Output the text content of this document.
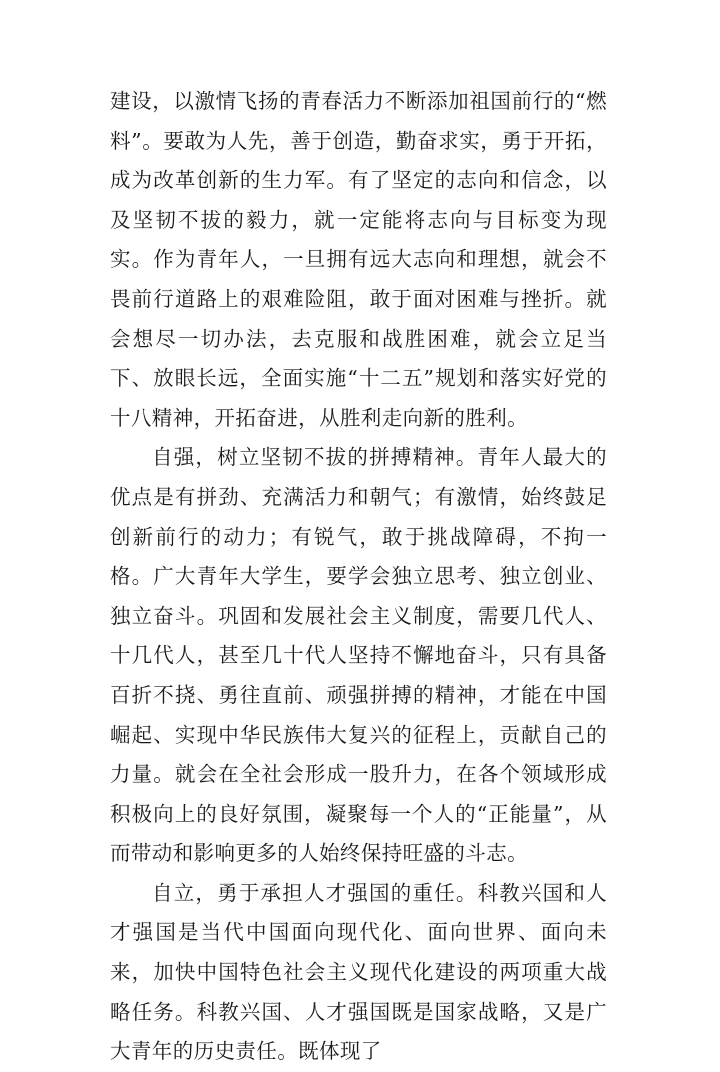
建设，以激情飞扬的青春活力不断添加祖国前行的“燃料”。要敢为人先，善于创造，勤奋求实，勇于开拓，成为改革创新的生力军。有了坚定的志向和信念，以及坚韧不拔的毅力，就一定能将志向与目标变为现实。作为青年人，一旦拥有远大志向和理想，就会不畏前行道路上的艰难险阻，敢于面对困难与挫折。就会想尽一切办法，去克服和战胜困难，就会立足当下、放眼长远，全面实施“十二五”规划和落实好党的十八精神，开拓奋进，从胜利走向新的胜利。

自强，树立坚韧不拔的拼搏精神。青年人最大的优点是有拼劲、充满活力和朝气；有激情，始终鼓足创新前行的动力；有锐气，敢于挑战障碍，不拘一格。广大青年大学生，要学会独立思考、独立创业、独立奋斗。巩固和发展社会主义制度，需要几代人、十几代人，甚至几十代人坚持不懈地奋斗，只有具备百折不挠、勇往直前、顽强拼搏的精神，才能在中国崛起、实现中华民族伟大复兴的征程上，贡献自己的力量。就会在全社会形成一股升力，在各个领域形成积极向上的良好氛围，凝聚每一个人的“正能量”，从而带动和影响更多的人始终保持旺盛的斗志。

自立，勇于承担人才强国的重任。科教兴国和人才强国是当代中国面向现代化、面向世界、面向未来，加快中国特色社会主义现代化建设的两项重大战略任务。科教兴国、人才强国既是国家战略，又是广大青年的历史责任。既体现了
